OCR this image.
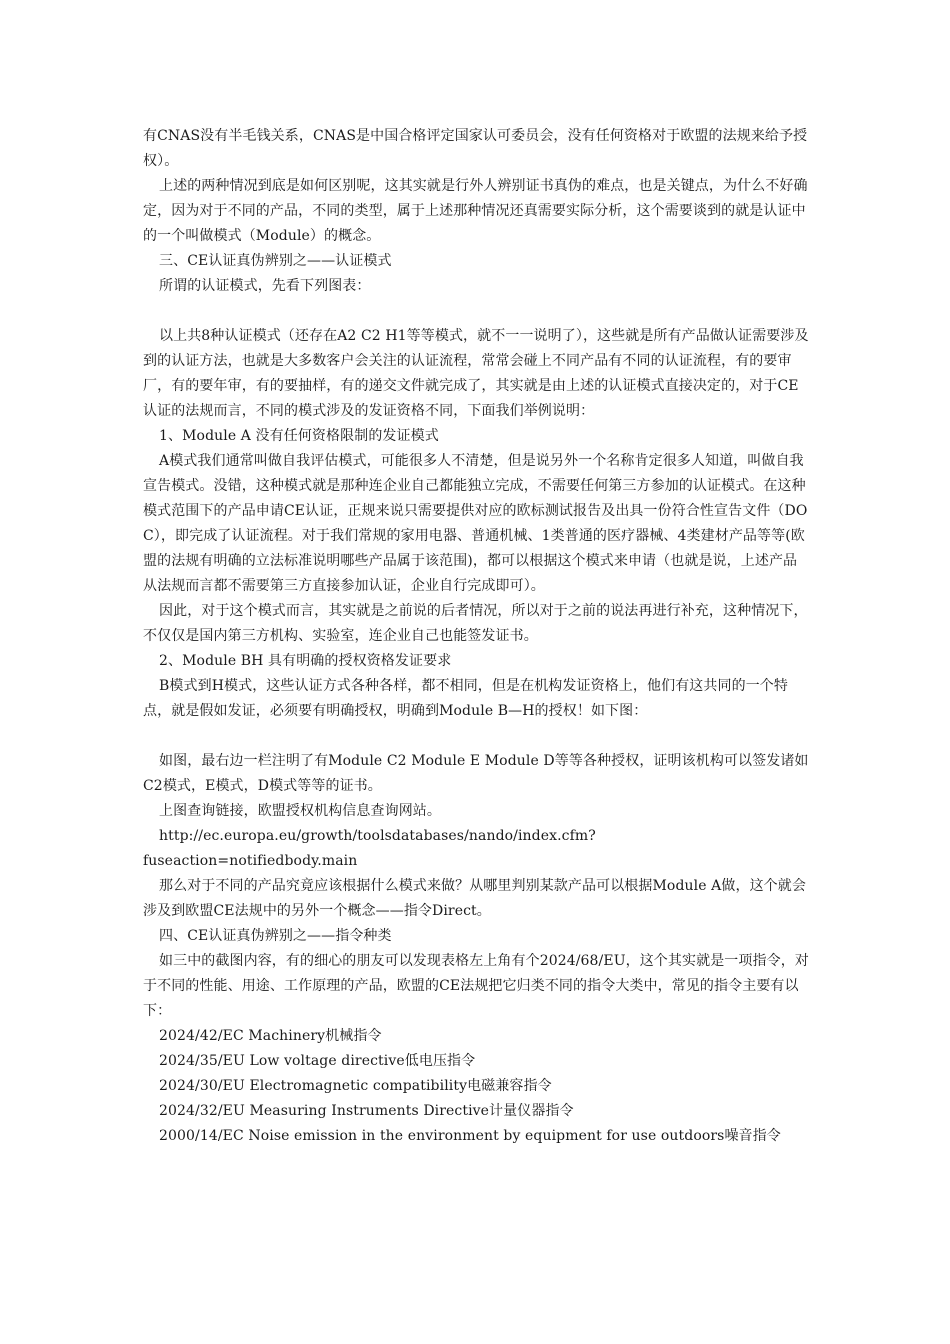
有CNAS没有半毛钱关系，CNAS是中国合格评定国家认可委员会，没有任何资格对于欧盟的法规来给予授权）。

上述的两种情况到底是如何区别呢，这其实就是行外人辨别证书真伪的难点，也是关键点，为什么不好确定，因为对于不同的产品，不同的类型，属于上述那种情况还真需要实际分析，这个需要谈到的就是认证中的一个叫做模式（Module）的概念。

三、CE认证真伪辨别之——认证模式

所谓的认证模式，先看下列图表：

以上共8种认证模式（还存在A2 C2 H1等等模式，就不一一说明了），这些就是所有产品做认证需要涉及到的认证方法，也就是大多数客户会关注的认证流程，常常会碰上不同产品有不同的认证流程，有的要审厂，有的要年审，有的要抽样，有的递交文件就完成了，其实就是由上述的认证模式直接决定的，对于CE认证的法规而言，不同的模式涉及的发证资格不同，下面我们举例说明：

1、Module A 没有任何资格限制的发证模式

A模式我们通常叫做自我评估模式，可能很多人不清楚，但是说另外一个名称肯定很多人知道，叫做自我宣告模式。没错，这种模式就是那种连企业自己都能独立完成，不需要任何第三方参加的认证模式。在这种模式范围下的产品申请CE认证，正规来说只需要提供对应的欧标测试报告及出具一份符合性宣告文件（DOC），即完成了认证流程。对于我们常规的家用电器、普通机械、1类普通的医疗器械、4类建材产品等等(欧盟的法规有明确的立法标准说明哪些产品属于该范围)，都可以根据这个模式来申请（也就是说，上述产品从法规而言都不需要第三方直接参加认证，企业自行完成即可）。

因此，对于这个模式而言，其实就是之前说的后者情况，所以对于之前的说法再进行补充，这种情况下，不仅仅是国内第三方机构、实验室，连企业自己也能签发证书。

2、Module BH 具有明确的授权资格发证要求

B模式到H模式，这些认证方式各种各样，都不相同，但是在机构发证资格上，他们有这共同的一个特点，就是假如发证，必须要有明确授权，明确到Module B—H的授权！如下图：

如图，最右边一栏注明了有Module C2 Module E Module D等等各种授权，证明该机构可以签发诸如C2模式，E模式，D模式等等的证书。

上图查询链接，欧盟授权机构信息查询网站。

http://ec.europa.eu/growth/toolsdatabases/nando/index.cfm?

fuseaction=notifiedbody.main

那么对于不同的产品究竟应该根据什么模式来做？从哪里判别某款产品可以根据Module A做，这个就会涉及到欧盟CE法规中的另外一个概念——指令Direct。

四、CE认证真伪辨别之——指令种类

如三中的截图内容，有的细心的朋友可以发现表格左上角有个2024/68/EU，这个其实就是一项指令，对于不同的性能、用途、工作原理的产品，欧盟的CE法规把它归类不同的指令大类中，常见的指令主要有以下：

2024/42/EC Machinery机械指令

2024/35/EU Low voltage directive低电压指令

2024/30/EU Electromagnetic compatibility电磁兼容指令

2024/32/EU Measuring Instruments Directive计量仪器指令

2000/14/EC Noise emission in the environment by equipment for use outdoors噪音指令
